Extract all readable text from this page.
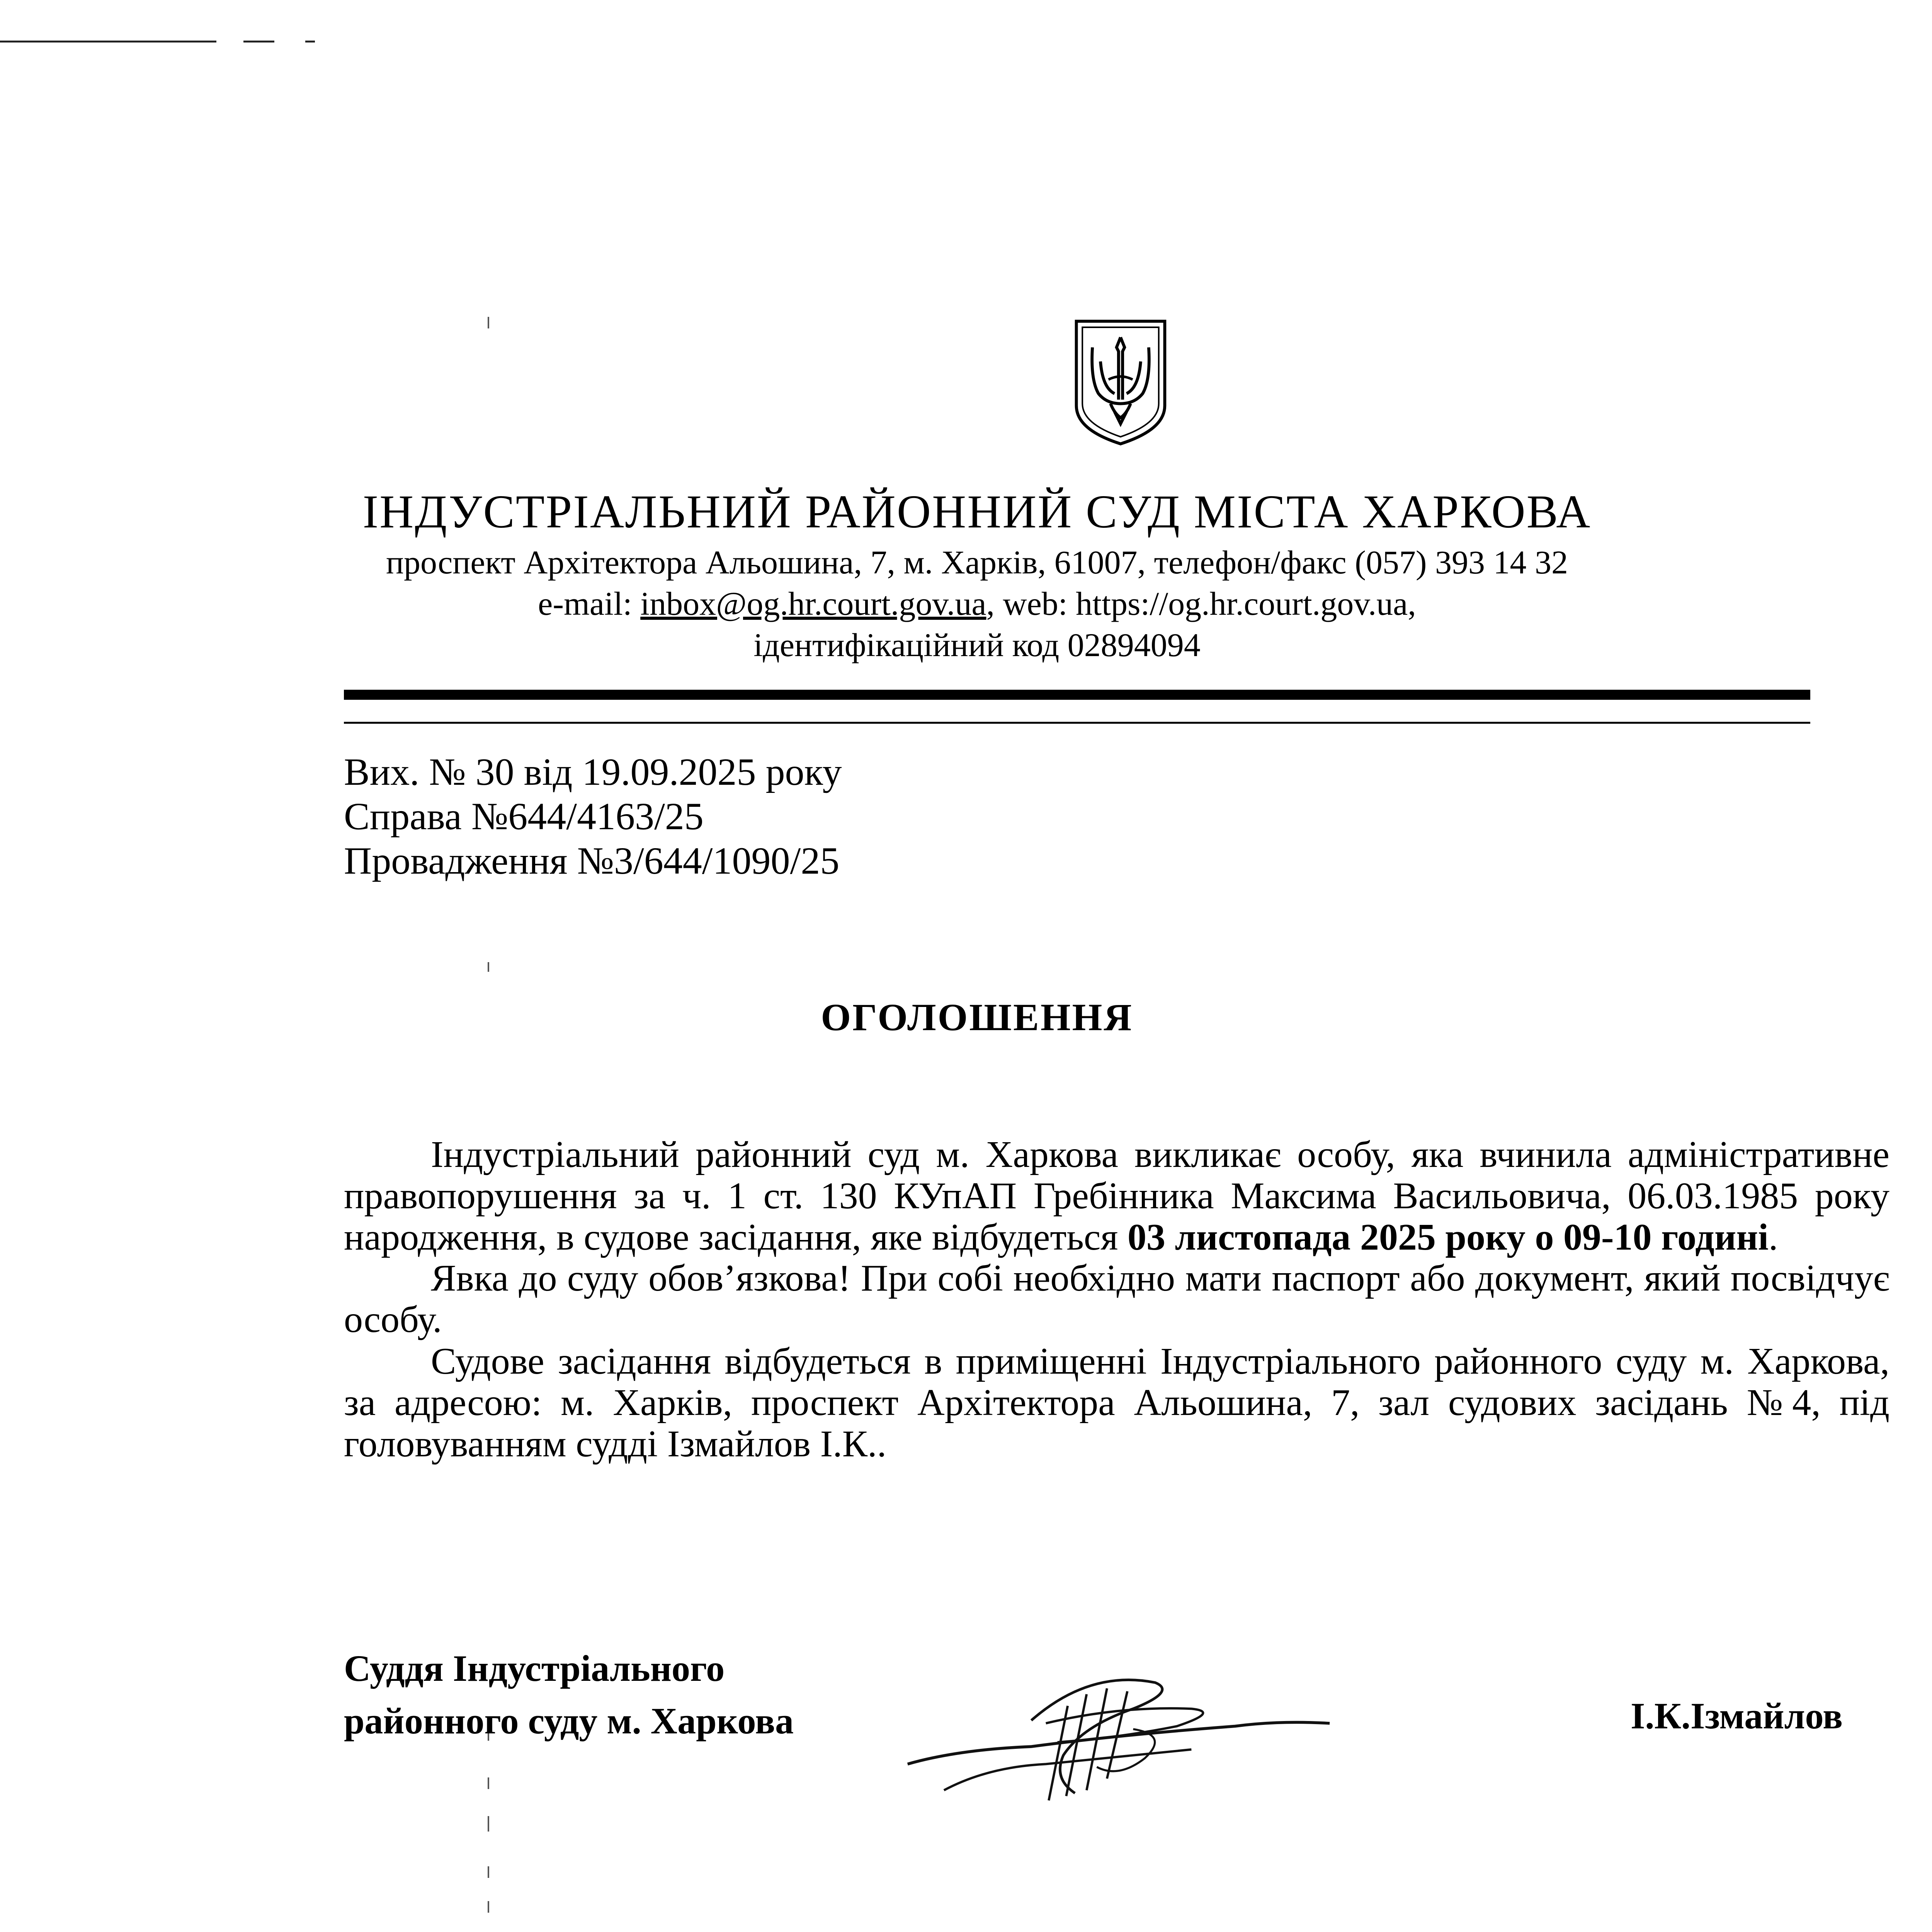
ІНДУСТРІАЛЬНИЙ РАЙОННИЙ СУД МІСТА ХАРКОВА
проспект Архітектора Альошина, 7, м. Харків, 61007, телефон/факс (057) 393 14 32
e-mail: inbox@og.hr.court.gov.ua, web: https://og.hr.court.gov.ua,
ідентифікаційний код 02894094
Вих. № 30 від 19.09.2025 року
Справа №644/4163/25
Провадження №3/644/1090/25
ОГОЛОШЕННЯ
Індустріальний районний суд м. Харкова викликає особу, яка вчинила адміністративне правопорушення за ч. 1 ст. 130 КУпАП Гребінника Максима Васильовича, 06.03.1985 року народження, в судове засідання, яке відбудеться 03 листопада 2025 року о 09-10 годині.
Явка до суду обов’язкова! При собі необхідно мати паспорт або документ, який посвідчує особу.
Судове засідання відбудеться в приміщенні Індустріального районного суду м. Харкова, за адресою: м. Харків, проспект Архітектора Альошина, 7, зал судових засідань №4, під головуванням судді Ізмайлов І.К..
Суддя Індустріального
районного суду м. Харкова	І.К.Ізмайлов
